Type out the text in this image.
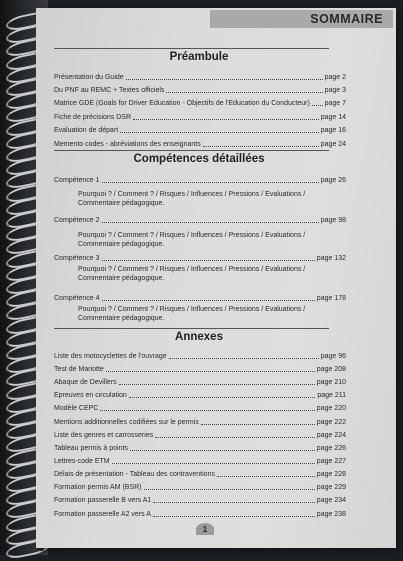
SOMMAIRE
Préambule
Présentation du Guide	page 2
Du PNF au REMC + Textes officiels	page 3
Matrice GDE (Goals for Driver Education - Objectifs de l'Education du Conducteur) page 7
Fiche de précisions DSR	page 14
Evaluation de départ	page 16
Memento codes - abréviations des enseignants	page 24
Compétences détaillées
Compétence 1	page 26
Pourquoi ? / Comment ? / Risques / Influences / Pressions / Evaluations /
Commentaire pédagogique.
Compétence 2	page 98
Pourquoi ? / Comment ? / Risques / Influences / Pressions / Evaluations /
Commentaire pédagogique.
Compétence 3	page 132
Pourquoi ? / Comment ? / Risques / Influences / Pressions / Evaluations /
Commentaire pédagogique.
Compétence 4	page 178
Pourquoi ? / Comment ? / Risques / Influences / Pressions / Evaluations /
Commentaire pédagogique.
Annexes
Liste des motocyclettes de l'ouvrage	page 96
Test de Mariotte	page 208
Abaque de Devillers	page 210
Epreuves en circulation	page 211
Modèle CEPC	page 220
Mentions additionnelles codifiées sur le permis	page 222
Liste des genres et carrosseries	page 224
Tableau permis à points	page 226
Lettres-code ETM	page 227
Délais de présentation - Tableau des contraventions	page 228
Formation permis AM (BSR)	page 229
Formation passerelle B vers A1	page 234
Formation passerelle A2 vers A	page 238
1
